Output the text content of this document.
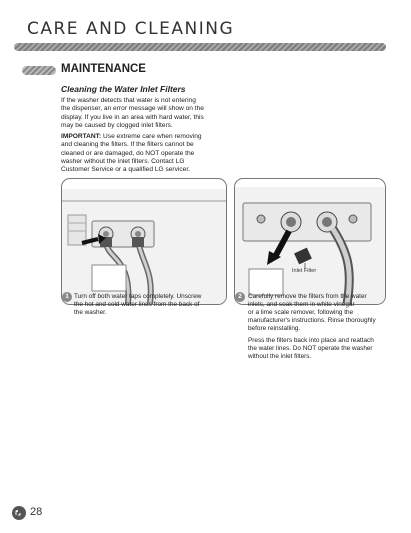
CARE AND CLEANING
MAINTENANCE
Cleaning the Water Inlet Filters
If the washer detects that water is not entering
the dispenser, an error message will show on the
display. If you live in an area with hard water, this
may be caused by clogged inlet filters.
IMPORTANT: Use extreme care when removing
and cleaning the filters. If the filters cannot be
cleaned or are damaged, do NOT operate the
washer without the inlet filters. Contact LG
Customer Service or a qualified LG servicer.
Inlet Filter
1 Turn off both water taps completely. Unscrew
the hot and cold water lines from the back of
the washer.
2 Carefully remove the filters from the water
inlets, and soak them in white vinegar
or a lime scale remover, following the
manufacturer's instructions. Rinse thoroughly
before reinstalling.
Press the filters back into place and reattach
the water lines. Do NOT operate the washer
without the inlet filters.
28
